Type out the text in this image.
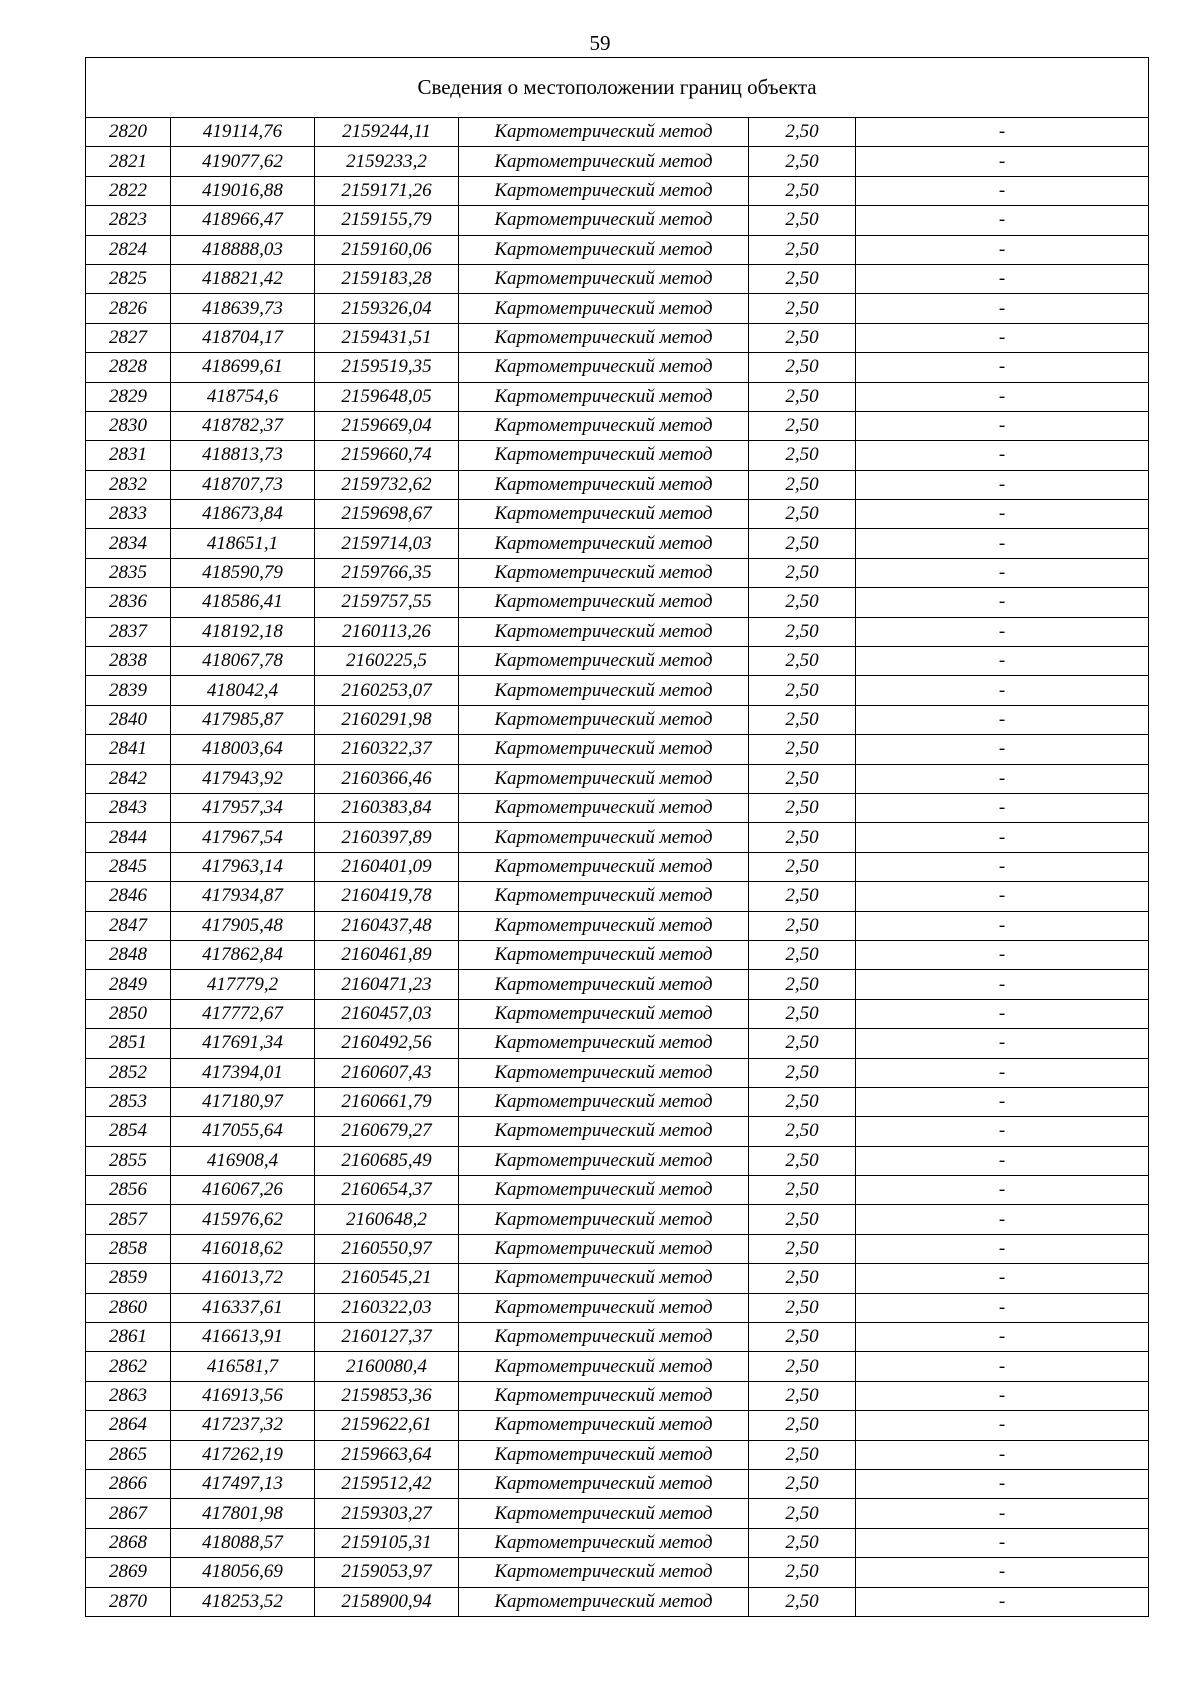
59
Сведения о местоположении границ объекта					
2820	419114,76	2159244,11	Картометрический метод	2,50	-
2821	419077,62	2159233,2	Картометрический метод	2,50	-
2822	419016,88	2159171,26	Картометрический метод	2,50	-
2823	418966,47	2159155,79	Картометрический метод	2,50	-
2824	418888,03	2159160,06	Картометрический метод	2,50	-
2825	418821,42	2159183,28	Картометрический метод	2,50	-
2826	418639,73	2159326,04	Картометрический метод	2,50	-
2827	418704,17	2159431,51	Картометрический метод	2,50	-
2828	418699,61	2159519,35	Картометрический метод	2,50	-
2829	418754,6	2159648,05	Картометрический метод	2,50	-
2830	418782,37	2159669,04	Картометрический метод	2,50	-
2831	418813,73	2159660,74	Картометрический метод	2,50	-
2832	418707,73	2159732,62	Картометрический метод	2,50	-
2833	418673,84	2159698,67	Картометрический метод	2,50	-
2834	418651,1	2159714,03	Картометрический метод	2,50	-
2835	418590,79	2159766,35	Картометрический метод	2,50	-
2836	418586,41	2159757,55	Картометрический метод	2,50	-
2837	418192,18	2160113,26	Картометрический метод	2,50	-
2838	418067,78	2160225,5	Картометрический метод	2,50	-
2839	418042,4	2160253,07	Картометрический метод	2,50	-
2840	417985,87	2160291,98	Картометрический метод	2,50	-
2841	418003,64	2160322,37	Картометрический метод	2,50	-
2842	417943,92	2160366,46	Картометрический метод	2,50	-
2843	417957,34	2160383,84	Картометрический метод	2,50	-
2844	417967,54	2160397,89	Картометрический метод	2,50	-
2845	417963,14	2160401,09	Картометрический метод	2,50	-
2846	417934,87	2160419,78	Картометрический метод	2,50	-
2847	417905,48	2160437,48	Картометрический метод	2,50	-
2848	417862,84	2160461,89	Картометрический метод	2,50	-
2849	417779,2	2160471,23	Картометрический метод	2,50	-
2850	417772,67	2160457,03	Картометрический метод	2,50	-
2851	417691,34	2160492,56	Картометрический метод	2,50	-
2852	417394,01	2160607,43	Картометрический метод	2,50	-
2853	417180,97	2160661,79	Картометрический метод	2,50	-
2854	417055,64	2160679,27	Картометрический метод	2,50	-
2855	416908,4	2160685,49	Картометрический метод	2,50	-
2856	416067,26	2160654,37	Картометрический метод	2,50	-
2857	415976,62	2160648,2	Картометрический метод	2,50	-
2858	416018,62	2160550,97	Картометрический метод	2,50	-
2859	416013,72	2160545,21	Картометрический метод	2,50	-
2860	416337,61	2160322,03	Картометрический метод	2,50	-
2861	416613,91	2160127,37	Картометрический метод	2,50	-
2862	416581,7	2160080,4	Картометрический метод	2,50	-
2863	416913,56	2159853,36	Картометрический метод	2,50	-
2864	417237,32	2159622,61	Картометрический метод	2,50	-
2865	417262,19	2159663,64	Картометрический метод	2,50	-
2866	417497,13	2159512,42	Картометрический метод	2,50	-
2867	417801,98	2159303,27	Картометрический метод	2,50	-
2868	418088,57	2159105,31	Картометрический метод	2,50	-
2869	418056,69	2159053,97	Картометрический метод	2,50	-
2870	418253,52	2158900,94	Картометрический метод	2,50	-
